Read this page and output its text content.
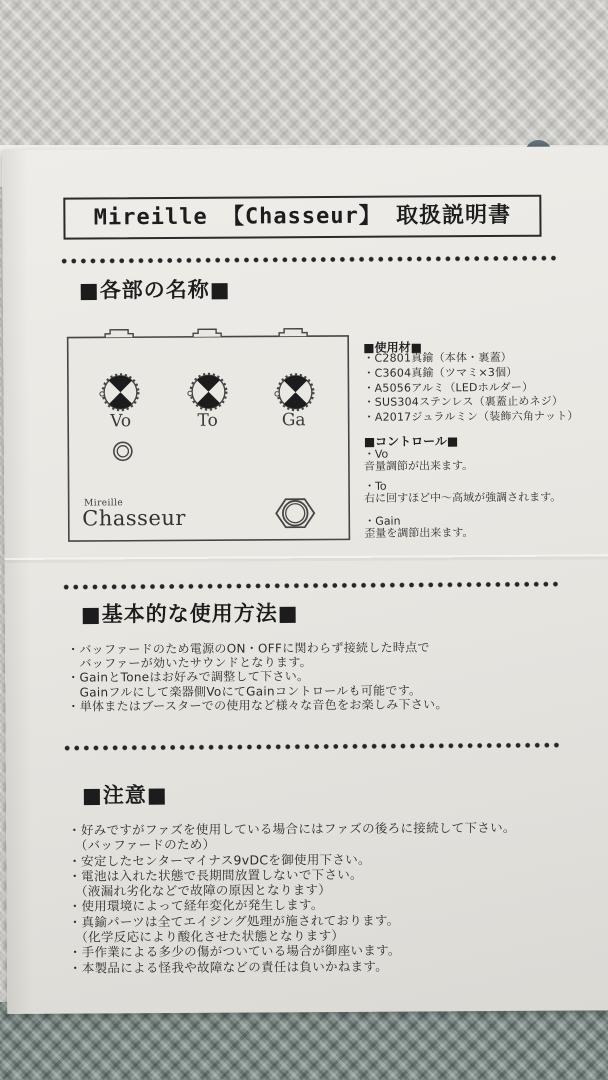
Mireille 【Chasseur】 取扱説明書
■各部の名称■
Vo	To	Ga
Mireille
Chasseur
■使用材■
・C2801真鍮（本体・裏蓋）
・C3604真鍮（ツマミ×3個）
・A5056アルミ（LEDホルダー）
・SUS304ステンレス（裏蓋止めネジ）
・A2017ジュラルミン（装飾六角ナット）
■コントロール■
・Vo
音量調節が出来ます。
・To
右に回すほど中～高域が強調されます。
・Gain
歪量を調節出来ます。
■基本的な使用方法■
・バッファードのため電源のON・OFFに関わらず接続した時点で
　バッファーが効いたサウンドとなります。
・GainとToneはお好みで調整して下さい。
　Gainフルにして楽器側VoにてGainコントロールも可能です。
・単体またはブースターでの使用など様々な音色をお楽しみ下さい。
■注意■
・好みですがファズを使用している場合にはファズの後ろに接続して下さい。
　（バッファードのため）
・安定したセンターマイナス9vDCを御使用下さい。
・電池は入れた状態で長期間放置しないで下さい。
　（液漏れ劣化などで故障の原因となります）
・使用環境によって経年変化が発生します。
・真鍮パーツは全てエイジング処理が施されております。
　（化学反応により酸化させた状態となります）
・手作業による多少の傷がついている場合が御座います。
・本製品による怪我や故障などの責任は負いかねます。
